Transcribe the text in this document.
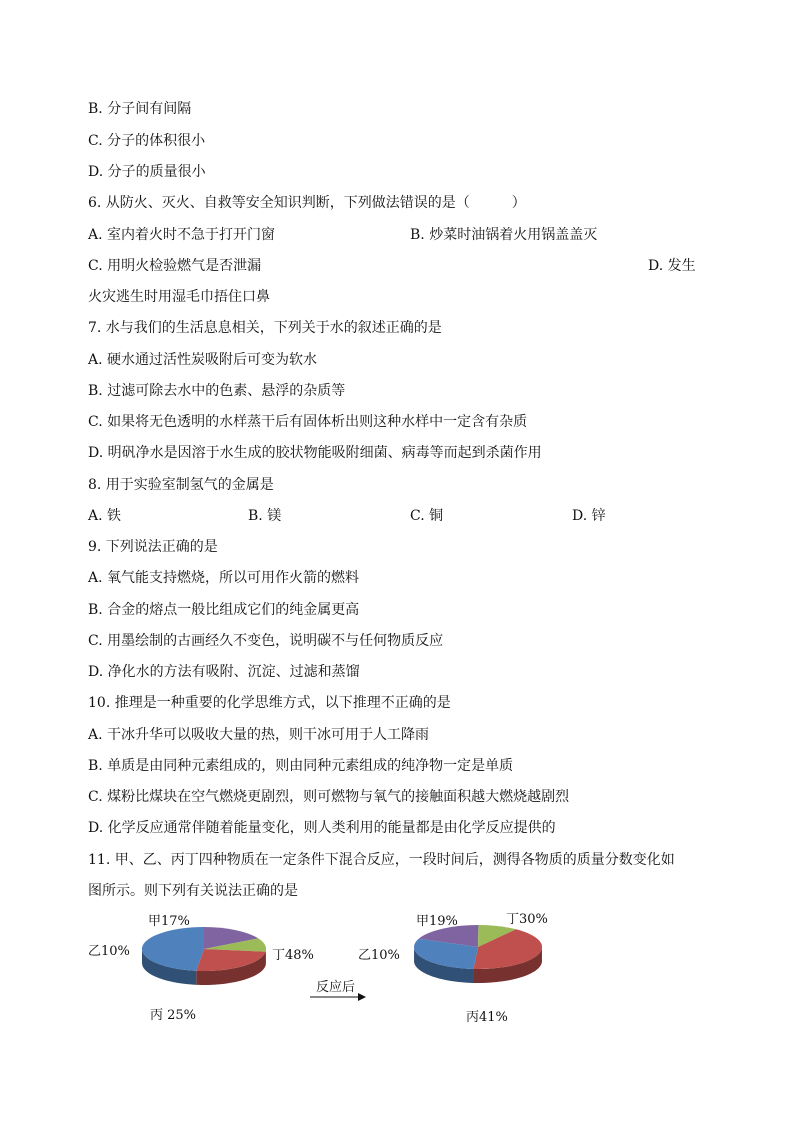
B. 分子间有间隔
C. 分子的体积很小
D. 分子的质量很小
6. 从防火、灭火、自救等安全知识判断，下列做法错误的是（　　　）
A. 室内着火时不急于打开门窗	B. 炒菜时油锅着火用锅盖盖灭
C. 用明火检验燃气是否泄漏	D. 发生
火灾逃生时用湿毛巾捂住口鼻
7. 水与我们的生活息息相关，下列关于水的叙述正确的是
A. 硬水通过活性炭吸附后可变为软水
B. 过滤可除去水中的色素、悬浮的杂质等
C. 如果将无色透明的水样蒸干后有固体析出则这种水样中一定含有杂质
D. 明矾净水是因溶于水生成的胶状物能吸附细菌、病毒等而起到杀菌作用
8. 用于实验室制氢气的金属是
A. 铁	B. 镁	C. 铜	D. 锌
9. 下列说法正确的是
A. 氧气能支持燃烧，所以可用作火箭的燃料
B. 合金的熔点一般比组成它们的纯金属更高
C. 用墨绘制的古画经久不变色，说明碳不与任何物质反应
D. 净化水的方法有吸附、沉淀、过滤和蒸馏
10. 推理是一种重要的化学思维方式，以下推理不正确的是
A. 干冰升华可以吸收大量的热，则干冰可用于人工降雨
B. 单质是由同种元素组成的，则由同种元素组成的纯净物一定是单质
C. 煤粉比煤块在空气燃烧更剧烈，则可燃物与氧气的接触面积越大燃烧越剧烈
D. 化学反应通常伴随着能量变化，则人类利用的能量都是由化学反应提供的
11. 甲、乙、丙丁四种物质在一定条件下混合反应，一段时间后，测得各物质的质量分数变化如
图所示。则下列有关说法正确的是
甲17%
乙10%
丙 25%
丁48%
甲19%
乙10%
丙41%
丁30%
反应后
